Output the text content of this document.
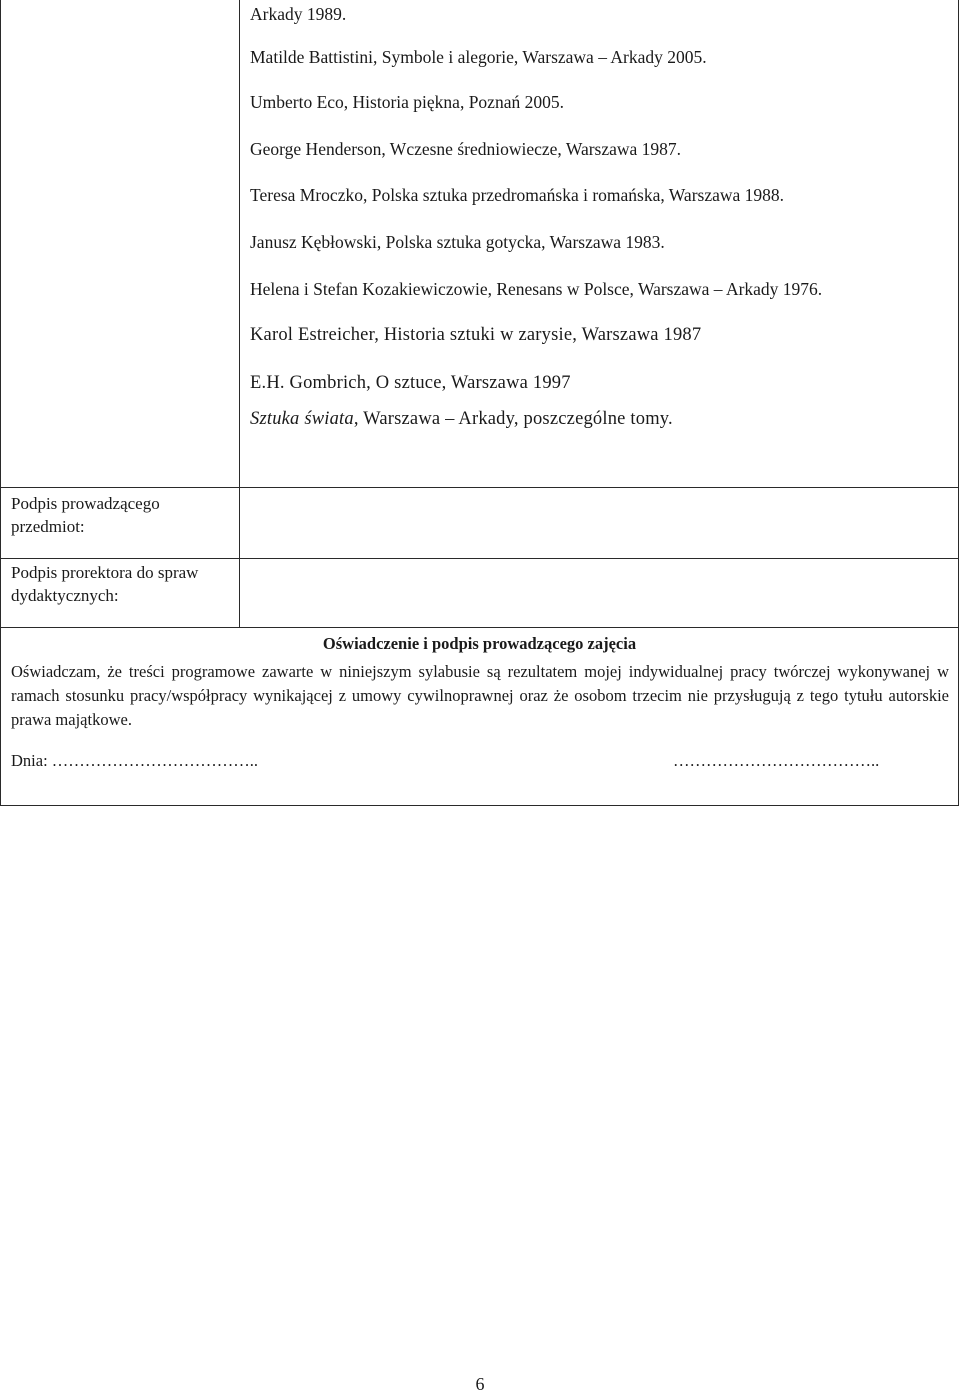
Arkady 1989.

Matilde Battistini, Symbole i alegorie, Warszawa – Arkady 2005.

Umberto Eco, Historia piękna, Poznań 2005.

George Henderson, Wczesne średniowiecze, Warszawa 1987.

Teresa Mroczko, Polska sztuka przedromańska i romańska, Warszawa 1988.

Janusz Kębłowski, Polska sztuka gotycka, Warszawa 1983.

Helena i Stefan Kozakiewiczowie, Renesans w Polsce, Warszawa – Arkady 1976.

Karol Estreicher, Historia sztuki w zarysie, Warszawa 1987

E.H. Gombrich, O sztuce, Warszawa 1997

Sztuka świata, Warszawa – Arkady, poszczególne tomy.

Podpis prowadzącego przedmiot:

Podpis prorektora do spraw dydaktycznych:

Oświadczenie i podpis prowadzącego zajęcia

Oświadczam, że treści programowe zawarte w niniejszym sylabusie są rezultatem mojej indywidualnej pracy twórczej wykonywanej w ramach stosunku pracy/współpracy wynikającej z umowy cywilnoprawnej oraz że osobom trzecim nie przysługują z tego tytułu autorskie prawa majątkowe.

Dnia: ………………………………..	………………………………..

6
